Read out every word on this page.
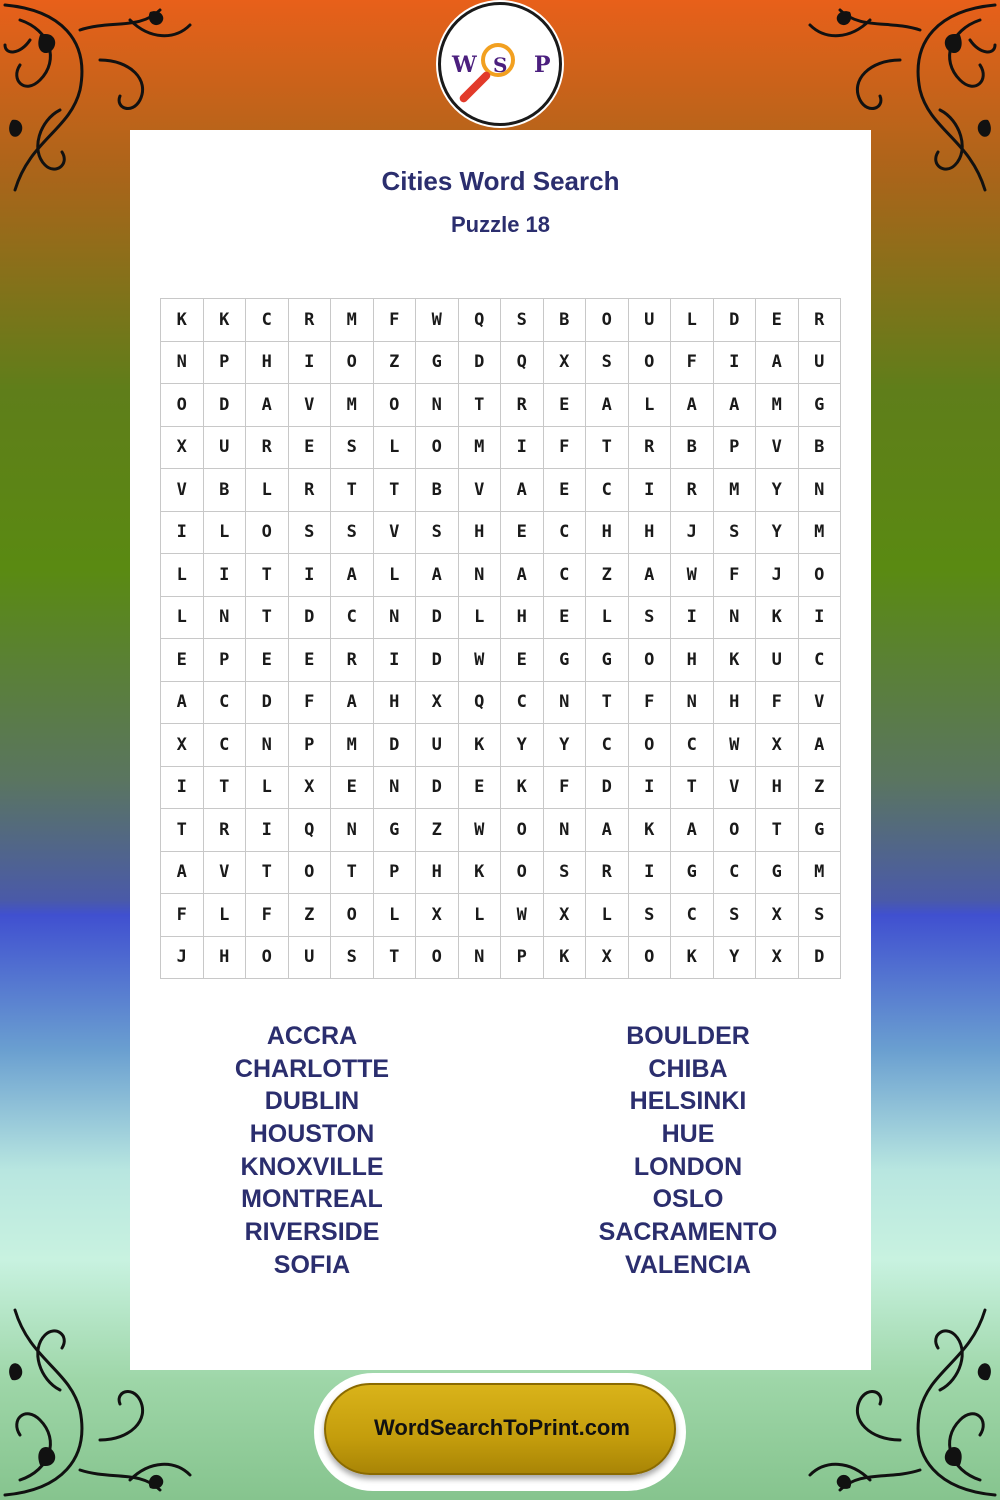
W S P
Cities Word Search
Puzzle 18
K	K	C	R	M	F	W	Q	S	B	O	U	L	D	E	R
N	P	H	I	O	Z	G	D	Q	X	S	O	F	I	A	U
O	D	A	V	M	O	N	T	R	E	A	L	A	A	M	G
X	U	R	E	S	L	O	M	I	F	T	R	B	P	V	B
V	B	L	R	T	T	B	V	A	E	C	I	R	M	Y	N
I	L	O	S	S	V	S	H	E	C	H	H	J	S	Y	M
L	I	T	I	A	L	A	N	A	C	Z	A	W	F	J	O
L	N	T	D	C	N	D	L	H	E	L	S	I	N	K	I
E	P	E	E	R	I	D	W	E	G	G	O	H	K	U	C
A	C	D	F	A	H	X	Q	C	N	T	F	N	H	F	V
X	C	N	P	M	D	U	K	Y	Y	C	O	C	W	X	A
I	T	L	X	E	N	D	E	K	F	D	I	T	V	H	Z
T	R	I	Q	N	G	Z	W	O	N	A	K	A	O	T	G
A	V	T	O	T	P	H	K	O	S	R	I	G	C	G	M
F	L	F	Z	O	L	X	L	W	X	L	S	C	S	X	S
J	H	O	U	S	T	O	N	P	K	X	O	K	Y	X	D
ACCRA
CHARLOTTE
DUBLIN
HOUSTON
KNOXVILLE
MONTREAL
RIVERSIDE
SOFIA
BOULDER
CHIBA
HELSINKI
HUE
LONDON
OSLO
SACRAMENTO
VALENCIA
WordSearchToPrint.com
